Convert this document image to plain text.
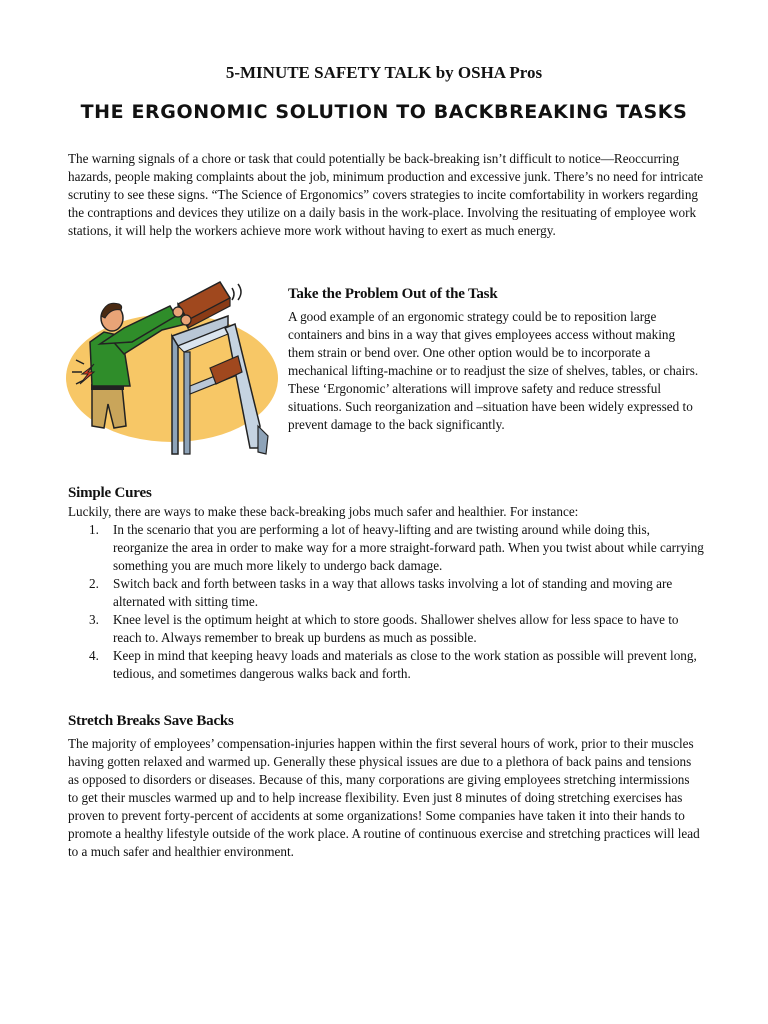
5-MINUTE SAFETY TALK by OSHA Pros
THE ERGONOMIC SOLUTION TO BACKBREAKING TASKS

The warning signals of a chore or task that could potentially be back-breaking isn’t difficult to notice—Reoccurring hazards, people making complaints about the job, minimum production and excessive junk. There’s no need for intricate scrutiny to see these signs. “The Science of Ergonomics” covers strategies to incite comfortability in workers regarding the contraptions and devices they utilize on a daily basis in the work-place. Involving the resituating of employee work stations, it will help the workers achieve more work without having to exert as much energy.

Take the Problem Out of the Task

A good example of an ergonomic strategy could be to reposition large containers and bins in a way that gives employees access without making them strain or bend over. One other option would be to incorporate a mechanical lifting-machine or to readjust the size of shelves, tables, or chairs. These ‘Ergonomic’ alterations will improve safety and reduce stressful situations. Such reorganization and –situation have been widely expressed to prevent damage to the back significantly.

Simple Cures

Luckily, there are ways to make these back-breaking jobs much safer and healthier. For instance:

1. In the scenario that you are performing a lot of heavy-lifting and are twisting around while doing this, reorganize the area in order to make way for a more straight-forward path. When you twist about while carrying something you are much more likely to undergo back damage.
2. Switch back and forth between tasks in a way that allows tasks involving a lot of standing and moving are alternated with sitting time.
3. Knee level is the optimum height at which to store goods. Shallower shelves allow for less space to have to reach to. Always remember to break up burdens as much as possible.
4. Keep in mind that keeping heavy loads and materials as close to the work station as possible will prevent long, tedious, and sometimes dangerous walks back and forth.
Stretch Breaks Save Backs

The majority of employees’ compensation-injuries happen within the first several hours of work, prior to their muscles having gotten relaxed and warmed up. Generally these physical issues are due to a plethora of back pains and tensions as opposed to disorders or diseases. Because of this, many corporations are giving employees stretching intermissions to get their muscles warmed up and to help increase flexibility. Even just 8 minutes of doing stretching exercises has proven to prevent forty-percent of accidents at some organizations! Some companies have taken it into their hands to promote a healthy lifestyle outside of the work place. A routine of continuous exercise and stretching practices will lead to a much safer and healthier environment.
